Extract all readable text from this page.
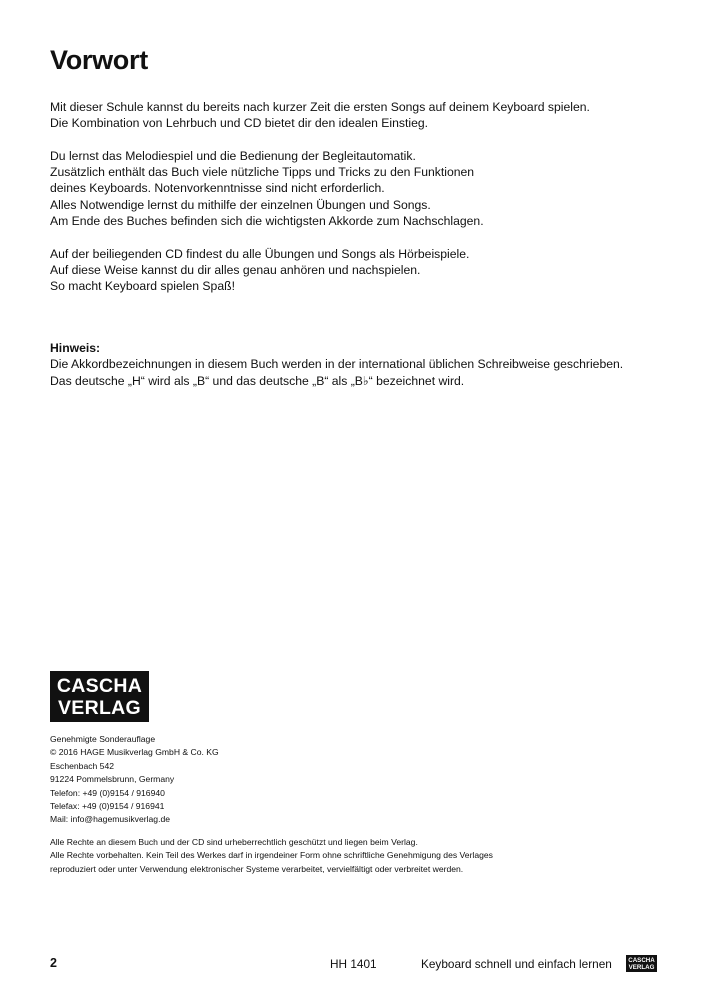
Vorwort

Mit dieser Schule kannst du bereits nach kurzer Zeit die ersten Songs auf deinem Keyboard spielen.
Die Kombination von Lehrbuch und CD bietet dir den idealen Einstieg.

Du lernst das Melodiespiel und die Bedienung der Begleitautomatik.
Zusätzlich enthält das Buch viele nützliche Tipps und Tricks zu den Funktionen
deines Keyboards. Notenvorkenntnisse sind nicht erforderlich.
Alles Notwendige lernst du mithilfe der einzelnen Übungen und Songs.
Am Ende des Buches befinden sich die wichtigsten Akkorde zum Nachschlagen.

Auf der beiliegenden CD findest du alle Übungen und Songs als Hörbeispiele.
Auf diese Weise kannst du dir alles genau anhören und nachspielen.
So macht Keyboard spielen Spaß!

Hinweis:
Die Akkordbezeichnungen in diesem Buch werden in der international üblichen Schreibweise geschrieben.
Das deutsche „H“ wird als „B“ und das deutsche „B“ als „B♭“ bezeichnet wird.
CASCHA
VERLAG
Genehmigte Sonderauflage
© 2016 HAGE Musikverlag GmbH & Co. KG
Eschenbach 542
91224 Pommelsbrunn, Germany
Telefon: +49 (0)9154 / 916940
Telefax: +49 (0)9154 / 916941
Mail: info@hagemusikverlag.de
Alle Rechte an diesem Buch und der CD sind urheberrechtlich geschützt und liegen beim Verlag.
Alle Rechte vorbehalten. Kein Teil des Werkes darf in irgendeiner Form ohne schriftliche Genehmigung des Verlages
reproduziert oder unter Verwendung elektronischer Systeme verarbeitet, vervielfältigt oder verbreitet werden.
2	HH 1401	Keyboard schnell und einfach lernen	CASCHA
VERLAG
